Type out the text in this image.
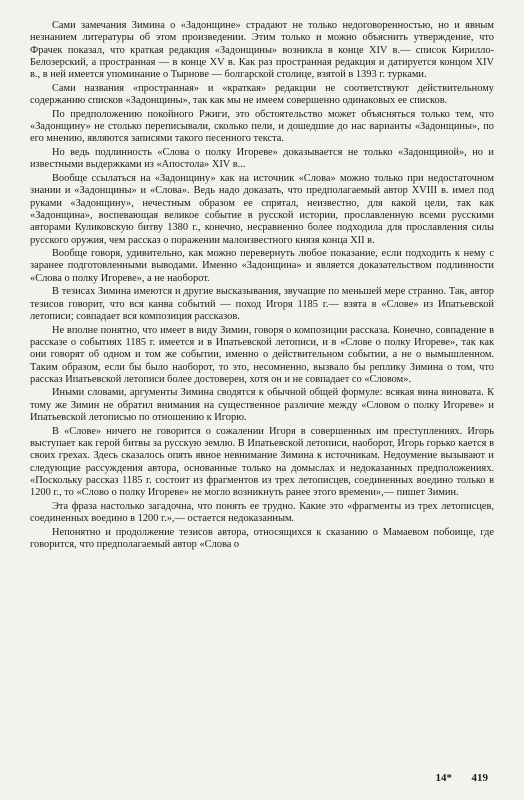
Сами замечания Зимина о «Задонщине» страдают не только недоговоренностью, но и явным незнанием литературы об этом произведении. Этим только и можно объяснить утверждение, что Фрачек показал, что краткая редакция «Задонщины» возникла в конце XIV в.— список Кирилло-Белозерский, а пространная — в конце XV в. Как раз пространная редакция и датируется концом XIV в., в ней имеется упоминание о Тырнове — болгарской столице, взятой в 1393 г. турками.

Сами названия «пространная» и «краткая» редакции не соответствуют действительному содержанию списков «Задонщины», так как мы не имеем совершенно одинаковых ее списков.

По предположению покойного Ржиги, это обстоятельство может объясняться только тем, что «Задонщину» не столько переписывали, сколько пели, и дошедшие до нас варианты «Задонщины», по его мнению, являются записями такого песенного текста.

Но ведь подлинность «Слова о полку Игореве» доказывается не только «Задонщиной», но и известными выдержками из «Апостола» XIV в...

Вообще ссылаться на «Задонщину» как на источник «Слова» можно только при недостаточном знании и «Задонщины» и «Слова». Ведь надо доказать, что предполагаемый автор XVIII в. имел под руками «Задонщину», нечестным образом ее спрятал, неизвестно, для какой цели, так как «Задонщина», воспевающая великое событие в русской истории, прославленную всеми русскими авторами Куликовскую битву 1380 г., конечно, несравненно более подходила для прославления силы русского оружия, чем рассказ о поражении малоизвестного князя конца XII в.

Вообще говоря, удивительно, как можно перевернуть любое показание, если подходить к нему с заранее подготовленными выводами. Именно «Задонщина» и является доказательством подлинности «Слова о полку Игореве», а не наоборот.

В тезисах Зимина имеются и другие высказывания, звучащие по меньшей мере странно. Так, автор тезисов говорит, что вся канва событий — поход Игоря 1185 г.— взята в «Слове» из Ипатьевской летописи; совпадает вся композиция рассказов.

Не вполне понятно, что имеет в виду Зимин, говоря о композиции рассказа. Конечно, совпадение в рассказе о событиях 1185 г. имеется и в Ипатьевской летописи, и в «Слове о полку Игореве», так как они говорят об одном и том же событии, именно о действительном событии, а не о вымышленном. Таким образом, если бы было наоборот, то это, несомненно, вызвало бы реплику Зимина о том, что рассказ Ипатьевской летописи более достоверен, хотя он и не совпадает со «Словом».

Иными словами, аргументы Зимина сводятся к обычной общей формуле: всякая вина виновата. К тому же Зимин не обратил внимания на существенное различие между «Словом о полку Игореве» и Ипатьевской летописью по отношению к Игорю.

В «Слове» ничего не говорится о сожалении Игоря в совершенных им преступлениях. Игорь выступает как герой битвы за русскую землю. В Ипатьевской летописи, наоборот, Игорь горько кается в своих грехах. Здесь сказалось опять явное невнимание Зимина к источникам. Недоумение вызывают и следующие рассуждения автора, основанные только на домыслах и недоказанных предположениях. «Поскольку рассказ 1185 г. состоит из фрагментов из трех летописцев, соединенных воедино только в 1200 г., то «Слово о полку Игореве» не могло возникнуть ранее этого времени»,— пишет Зимин.

Эта фраза настолько загадочна, что понять ее трудно. Какие это «фрагменты из трех летописцев, соединенных воедино в 1200 г.»,— остается недоказанным.

Непонятно и продолжение тезисов автора, относящихся к сказанию о Мамаевом побоище, где говорится, что предполагаемый автор «Слова о

14* 419
